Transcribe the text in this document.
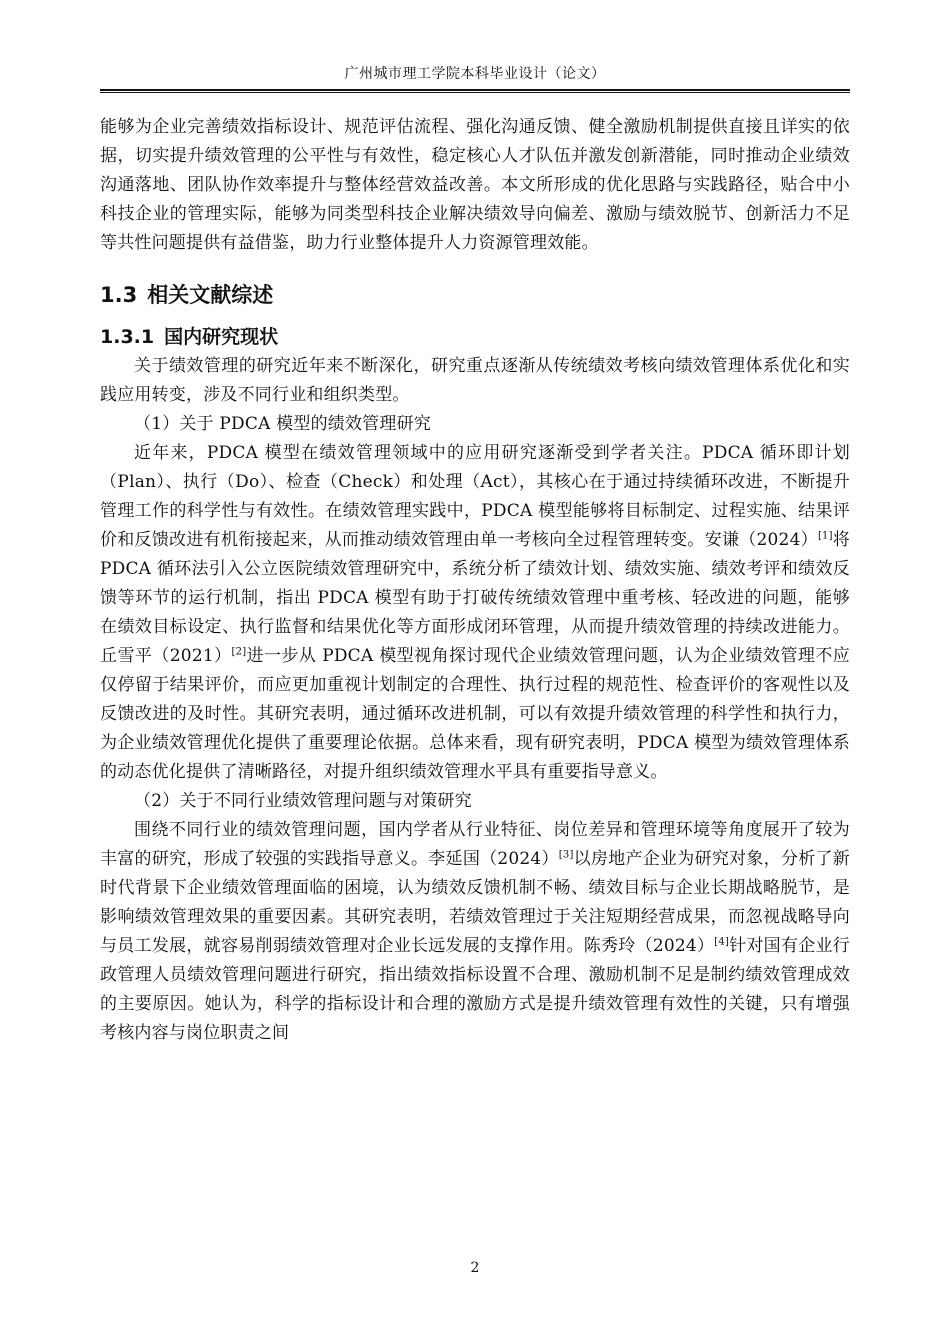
广州城市理工学院本科毕业设计（论文）

能够为企业完善绩效指标设计、规范评估流程、强化沟通反馈、健全激励机制提供直接且详实的依据，切实提升绩效管理的公平性与有效性，稳定核心人才队伍并激发创新潜能，同时推动企业绩效沟通落地、团队协作效率提升与整体经营效益改善。本文所形成的优化思路与实践路径，贴合中小科技企业的管理实际，能够为同类型科技企业解决绩效导向偏差、激励与绩效脱节、创新活力不足等共性问题提供有益借鉴，助力行业整体提升人力资源管理效能。

1.3 相关文献综述
1.3.1 国内研究现状

关于绩效管理的研究近年来不断深化，研究重点逐渐从传统绩效考核向绩效管理体系优化和实践应用转变，涉及不同行业和组织类型。

（1）关于 PDCA 模型的绩效管理研究

近年来，PDCA 模型在绩效管理领域中的应用研究逐渐受到学者关注。PDCA 循环即计划（Plan）、执行（Do）、检查（Check）和处理（Act），其核心在于通过持续循环改进，不断提升管理工作的科学性与有效性。在绩效管理实践中，PDCA 模型能够将目标制定、过程实施、结果评价和反馈改进有机衔接起来，从而推动绩效管理由单一考核向全过程管理转变。安谦（2024）[1]将 PDCA 循环法引入公立医院绩效管理研究中，系统分析了绩效计划、绩效实施、绩效考评和绩效反馈等环节的运行机制，指出 PDCA 模型有助于打破传统绩效管理中重考核、轻改进的问题，能够在绩效目标设定、执行监督和结果优化等方面形成闭环管理，从而提升绩效管理的持续改进能力。丘雪平（2021）[2]进一步从 PDCA 模型视角探讨现代企业绩效管理问题，认为企业绩效管理不应仅停留于结果评价，而应更加重视计划制定的合理性、执行过程的规范性、检查评价的客观性以及反馈改进的及时性。其研究表明，通过循环改进机制，可以有效提升绩效管理的科学性和执行力，为企业绩效管理优化提供了重要理论依据。总体来看，现有研究表明，PDCA 模型为绩效管理体系的动态优化提供了清晰路径，对提升组织绩效管理水平具有重要指导意义。

（2）关于不同行业绩效管理问题与对策研究

围绕不同行业的绩效管理问题，国内学者从行业特征、岗位差异和管理环境等角度展开了较为丰富的研究，形成了较强的实践指导意义。李延国（2024）[3]以房地产企业为研究对象，分析了新时代背景下企业绩效管理面临的困境，认为绩效反馈机制不畅、绩效目标与企业长期战略脱节，是影响绩效管理效果的重要因素。其研究表明，若绩效管理过于关注短期经营成果，而忽视战略导向与员工发展，就容易削弱绩效管理对企业长远发展的支撑作用。陈秀玲（2024）[4]针对国有企业行政管理人员绩效管理问题进行研究，指出绩效指标设置不合理、激励机制不足是制约绩效管理成效的主要原因。她认为，科学的指标设计和合理的激励方式是提升绩效管理有效性的关键，只有增强考核内容与岗位职责之间

2
